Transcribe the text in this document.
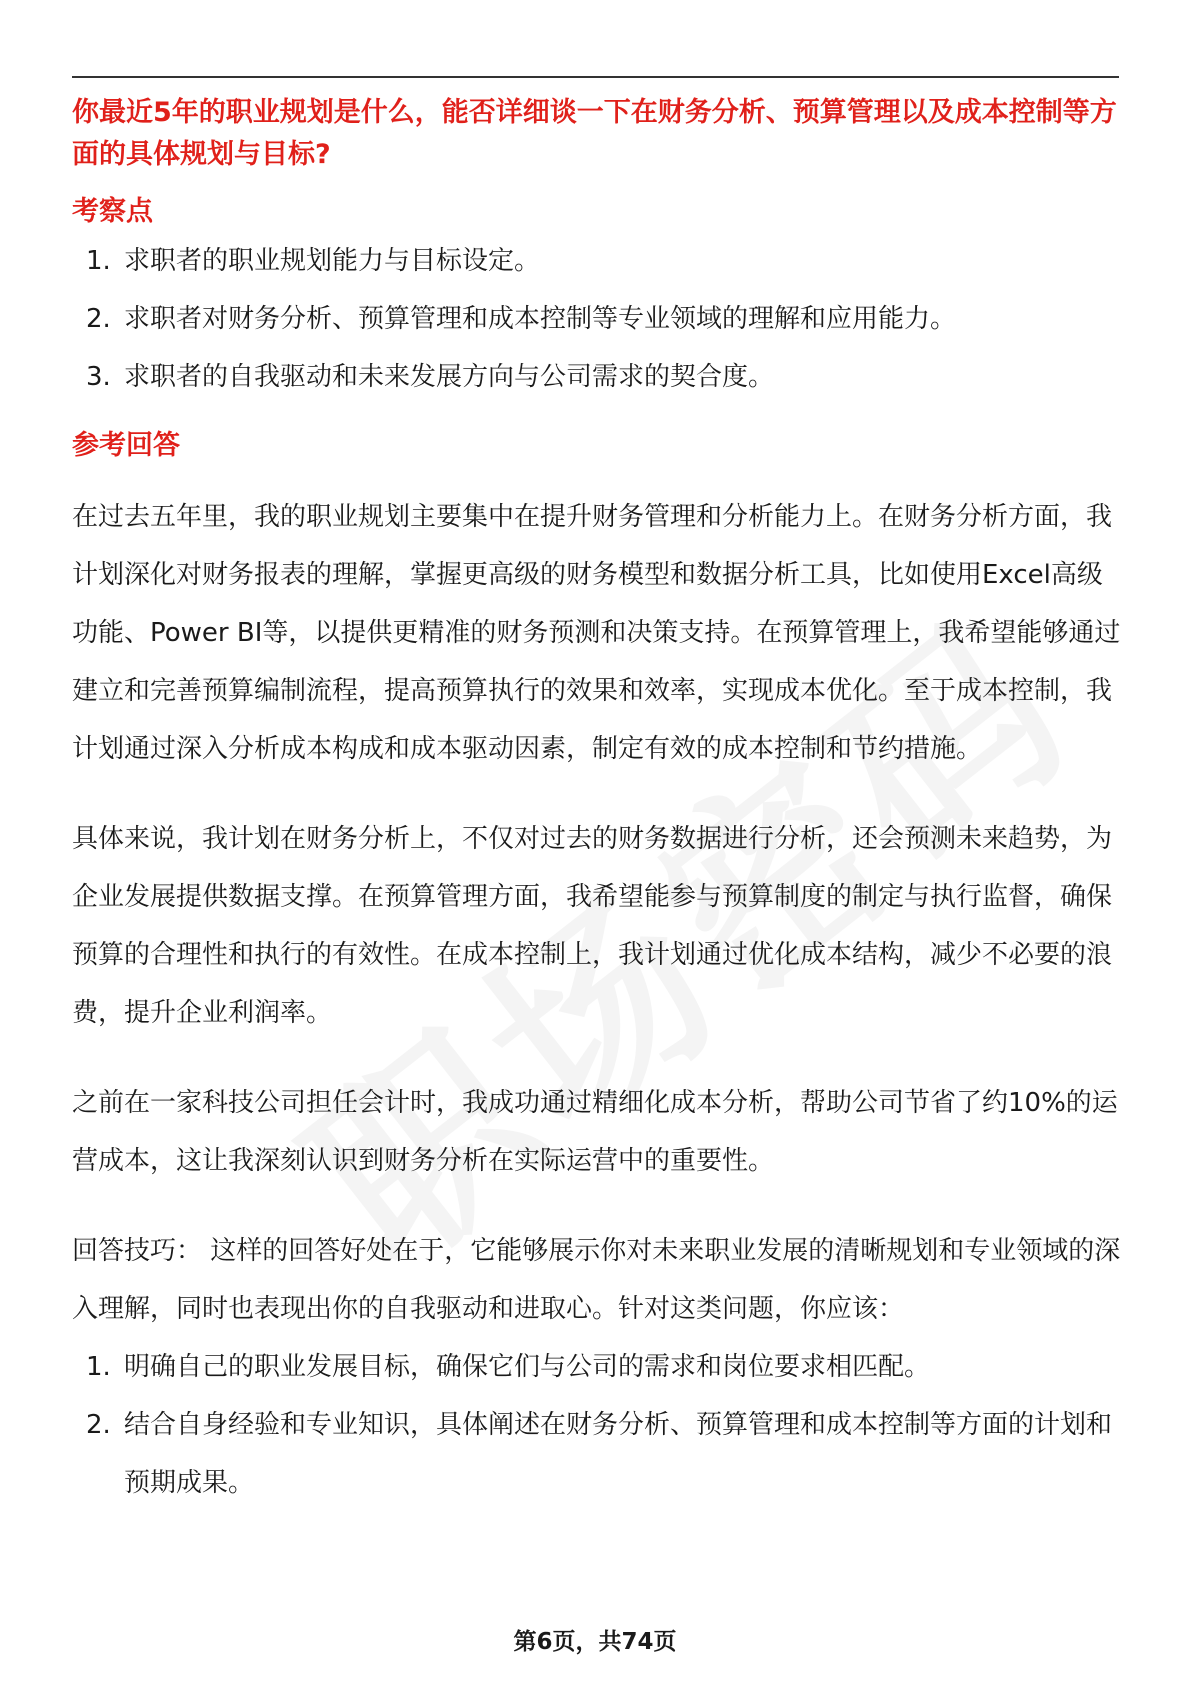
你最近5年的职业规划是什么，能否详细谈一下在财务分析、预算管理以及成本控制等方面的具体规划与目标?

考察点

1. 求职者的职业规划能力与目标设定。
2. 求职者对财务分析、预算管理和成本控制等专业领域的理解和应用能力。
3. 求职者的自我驱动和未来发展方向与公司需求的契合度。

参考回答

在过去五年里，我的职业规划主要集中在提升财务管理和分析能力上。在财务分析方面，我计划深化对财务报表的理解，掌握更高级的财务模型和数据分析工具，比如使用Excel高级功能、Power BI等，以提供更精准的财务预测和决策支持。在预算管理上，我希望能够通过建立和完善预算编制流程，提高预算执行的效果和效率，实现成本优化。至于成本控制，我计划通过深入分析成本构成和成本驱动因素，制定有效的成本控制和节约措施。

具体来说，我计划在财务分析上，不仅对过去的财务数据进行分析，还会预测未来趋势，为企业发展提供数据支撑。在预算管理方面，我希望能参与预算制度的制定与执行监督，确保预算的合理性和执行的有效性。在成本控制上，我计划通过优化成本结构，减少不必要的浪费，提升企业利润率。

之前在一家科技公司担任会计时，我成功通过精细化成本分析，帮助公司节省了约10%的运营成本，这让我深刻认识到财务分析在实际运营中的重要性。

回答技巧： 这样的回答好处在于，它能够展示你对未来职业发展的清晰规划和专业领域的深入理解，同时也表现出你的自我驱动和进取心。针对这类问题，你应该：

1. 明确自己的职业发展目标，确保它们与公司的需求和岗位要求相匹配。
2. 结合自身经验和专业知识，具体阐述在财务分析、预算管理和成本控制等方面的计划和预期成果。
第6页，共74页
